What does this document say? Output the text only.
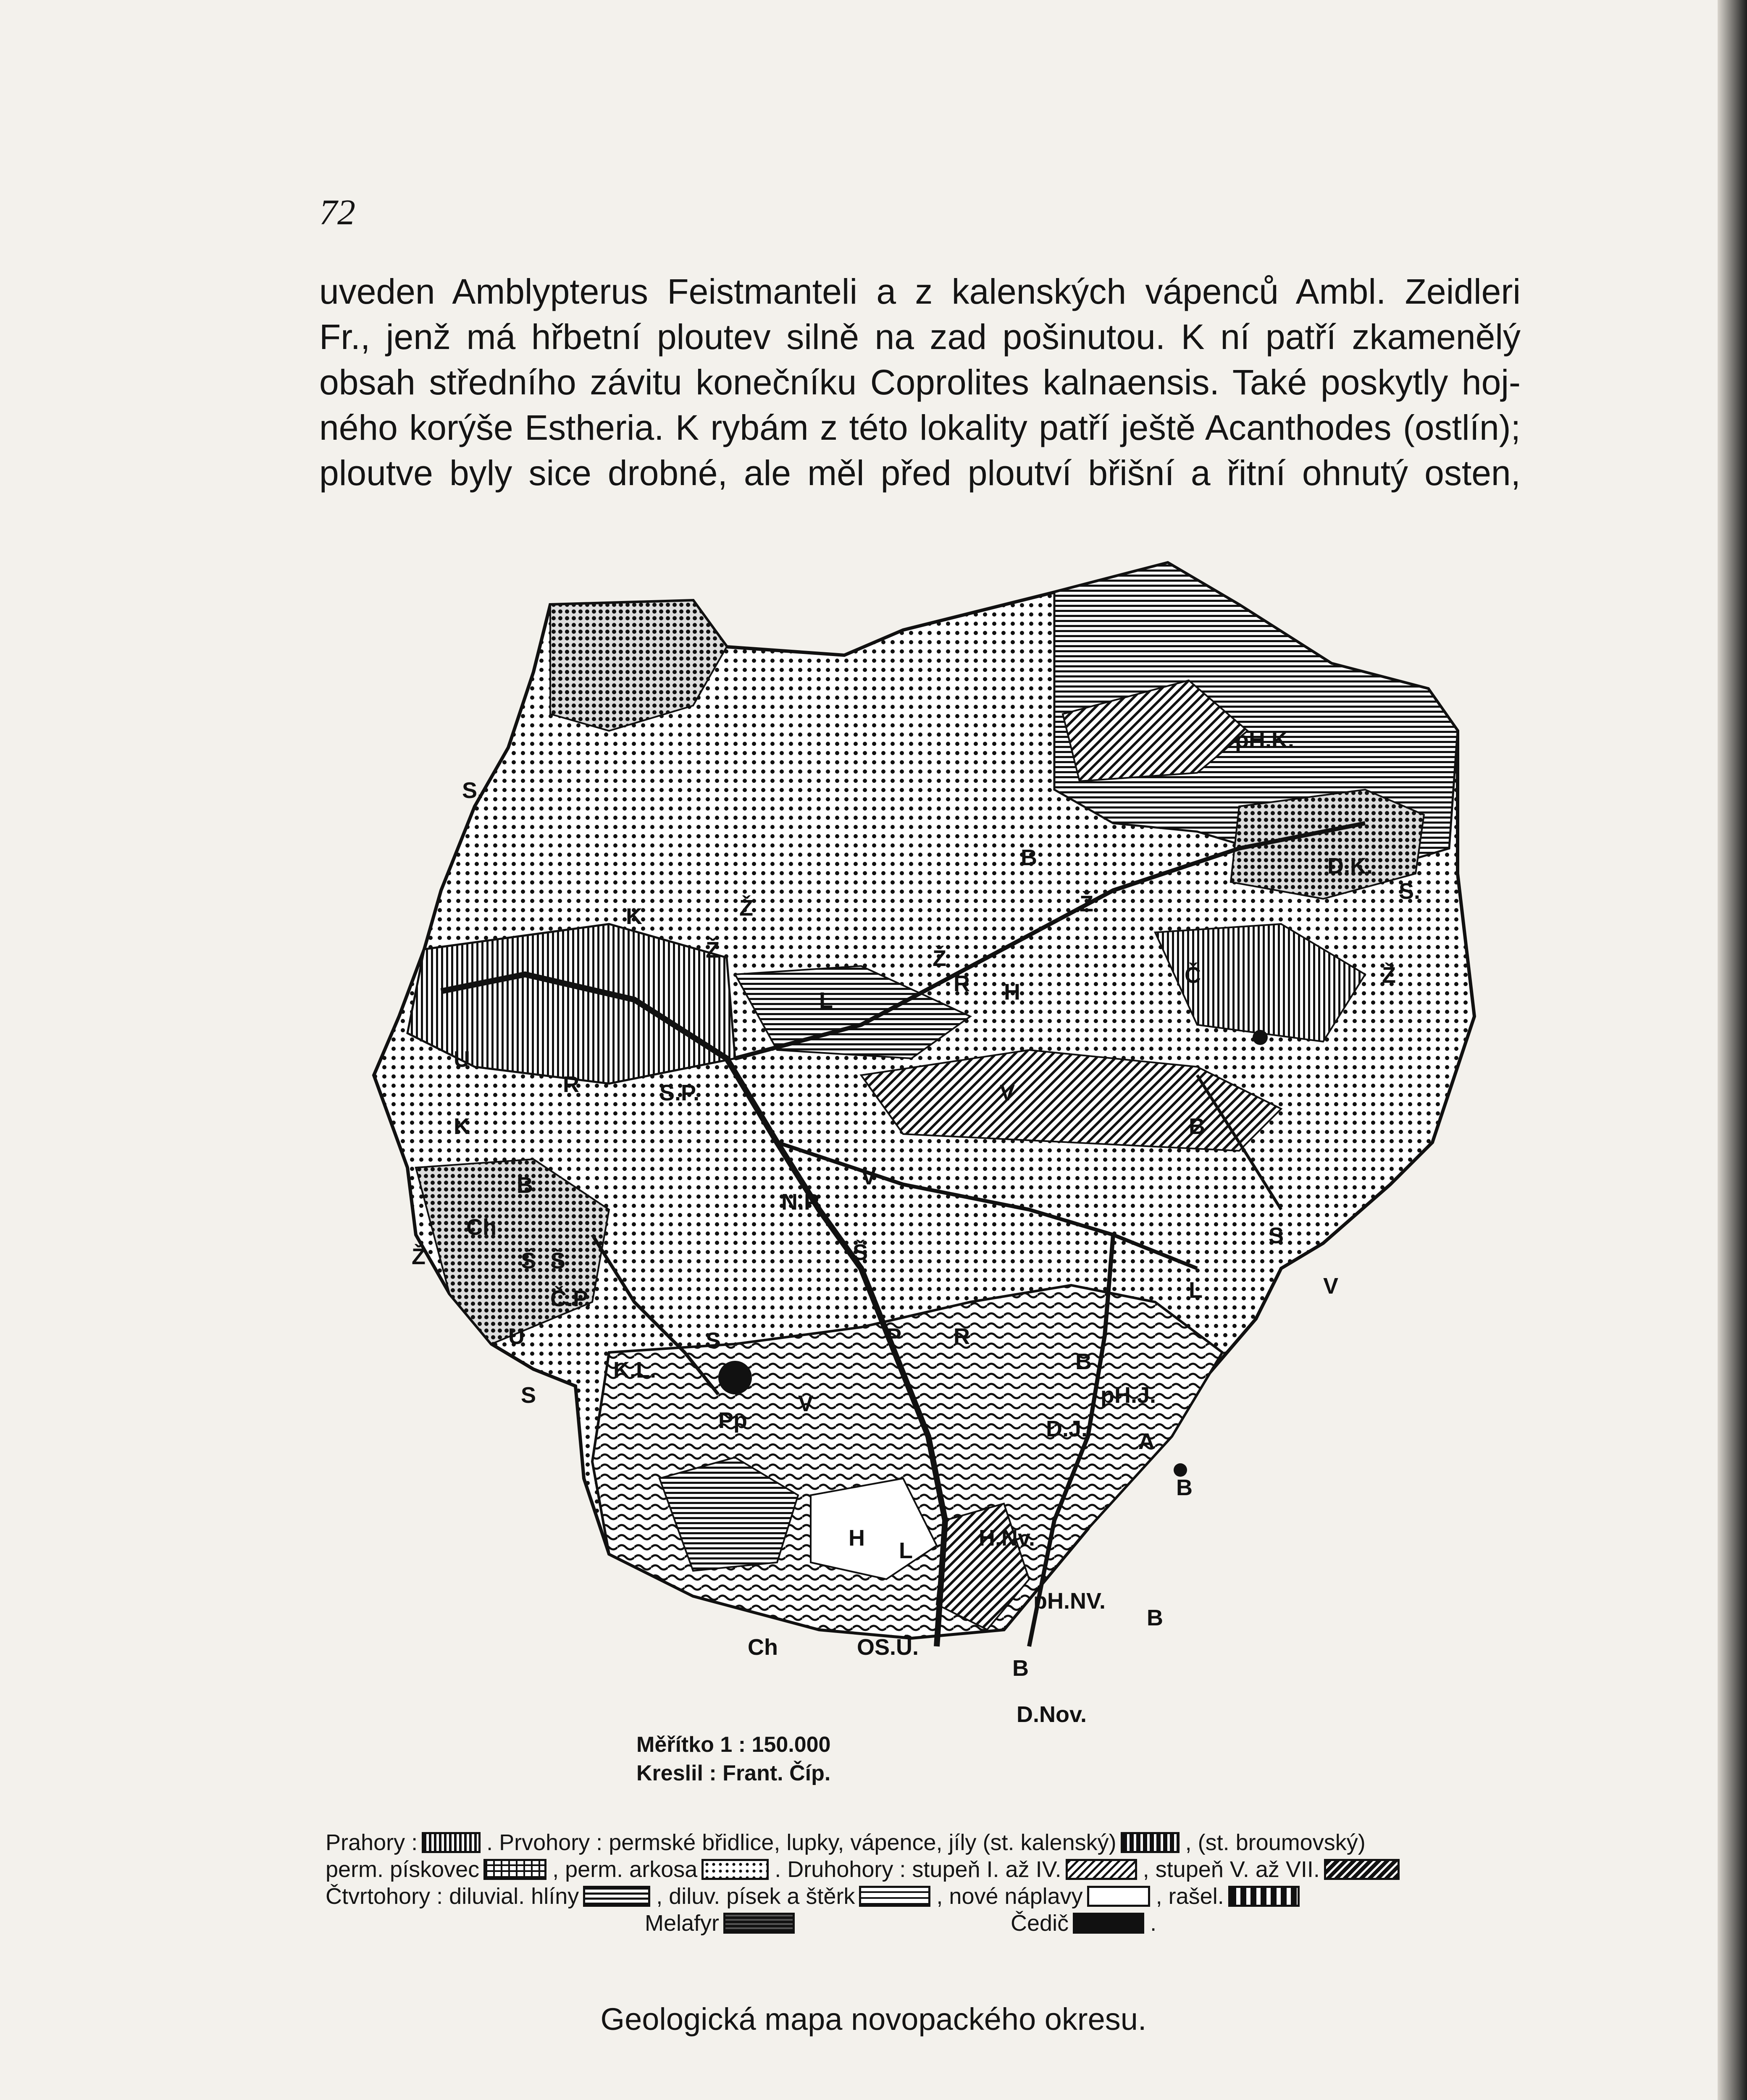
72
uveden Amblypterus Feistmanteli a z kalenských vápenců Ambl. Zeidleri
Fr., jenž má hřbetní ploutev silně na zad pošinutou. K ní patří zkamenělý
obsah středního závitu konečníku Coprolites kalnaensis. Také poskytly hoj-
ného korýše Estheria. K rybám z této lokality patří ještě Acanthodes (ostlín);
ploutve byly sice drobné, ale měl před ploutví břišní a řitní ohnutý osten,
S.
K	Ž
Ž	Ž
L
R H
B
Ž
pH.K.
D.K.
S.
Č	Ž
U
K
B
V
V
B
R	S.P.
N.P.
Š
Š
S
V
L
Ž
Ch
Š
Č.P.
U
S
K.L.
S	P R
B
pH.J.
D.J. A
B
Pp
V
H.Nv.
L
H
pH.NV.
B
Ch	OS.Ú.
B
D.Nov.
Měřítko 1 : 150.000
Kreslil : Frant. Číp.
Prahory :	. Prvohory : permské břidlice, lupky, vápence, jíly (st. kalenský)	, (st. broumovský)
perm. pískovec	, perm. arkosa	. Druhohory : stupeň I. až IV.	, stupeň V. až VII.
Čtvrtohory : diluvial. hlíny	, diluv. písek a štěrk	, nové náplavy	, rašel.
Melafyr	Čedič	.
Geologická mapa novopackého okresu.
